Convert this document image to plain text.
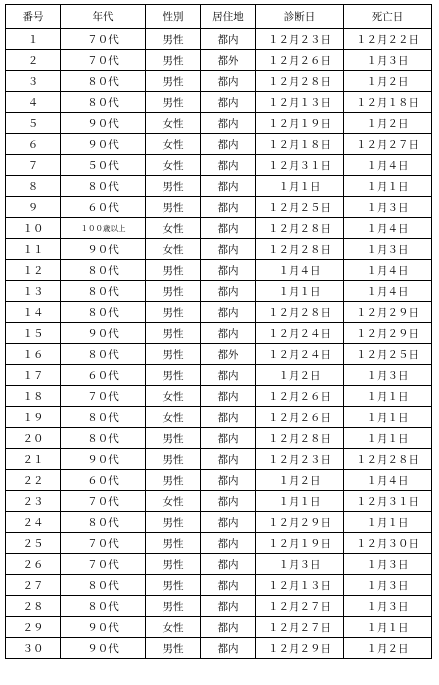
番号	年代	性別	居住地	診断日	死亡日
１	７０代	男性	都内	１２月２３日	１２月２２日
２	７０代	男性	都外	１２月２６日	１月３日
３	８０代	男性	都内	１２月２８日	１月２日
４	８０代	男性	都内	１２月１３日	１２月１８日
５	９０代	女性	都内	１２月１９日	１月２日
６	９０代	女性	都内	１２月１８日	１２月２７日
７	５０代	女性	都内	１２月３１日	１月４日
８	８０代	男性	都内	１月１日	１月１日
９	６０代	男性	都内	１２月２５日	１月３日
１０	１００歳以上	女性	都内	１２月２８日	１月４日
１１	９０代	女性	都内	１２月２８日	１月３日
１２	８０代	男性	都内	１月４日	１月４日
１３	８０代	男性	都内	１月１日	１月４日
１４	８０代	男性	都内	１２月２８日	１２月２９日
１５	９０代	男性	都内	１２月２４日	１２月２９日
１６	８０代	男性	都外	１２月２４日	１２月２５日
１７	６０代	男性	都内	１月２日	１月３日
１８	７０代	女性	都内	１２月２６日	１月１日
１９	８０代	女性	都内	１２月２６日	１月１日
２０	８０代	男性	都内	１２月２８日	１月１日
２１	９０代	男性	都内	１２月２３日	１２月２８日
２２	６０代	男性	都内	１月２日	１月４日
２３	７０代	女性	都内	１月１日	１２月３１日
２４	８０代	男性	都内	１２月２９日	１月１日
２５	７０代	男性	都内	１２月１９日	１２月３０日
２６	７０代	男性	都内	１月３日	１月３日
２７	８０代	男性	都内	１２月１３日	１月３日
２８	８０代	男性	都内	１２月２７日	１月３日
２９	９０代	女性	都内	１２月２７日	１月１日
３０	９０代	男性	都内	１２月２９日	１月２日
